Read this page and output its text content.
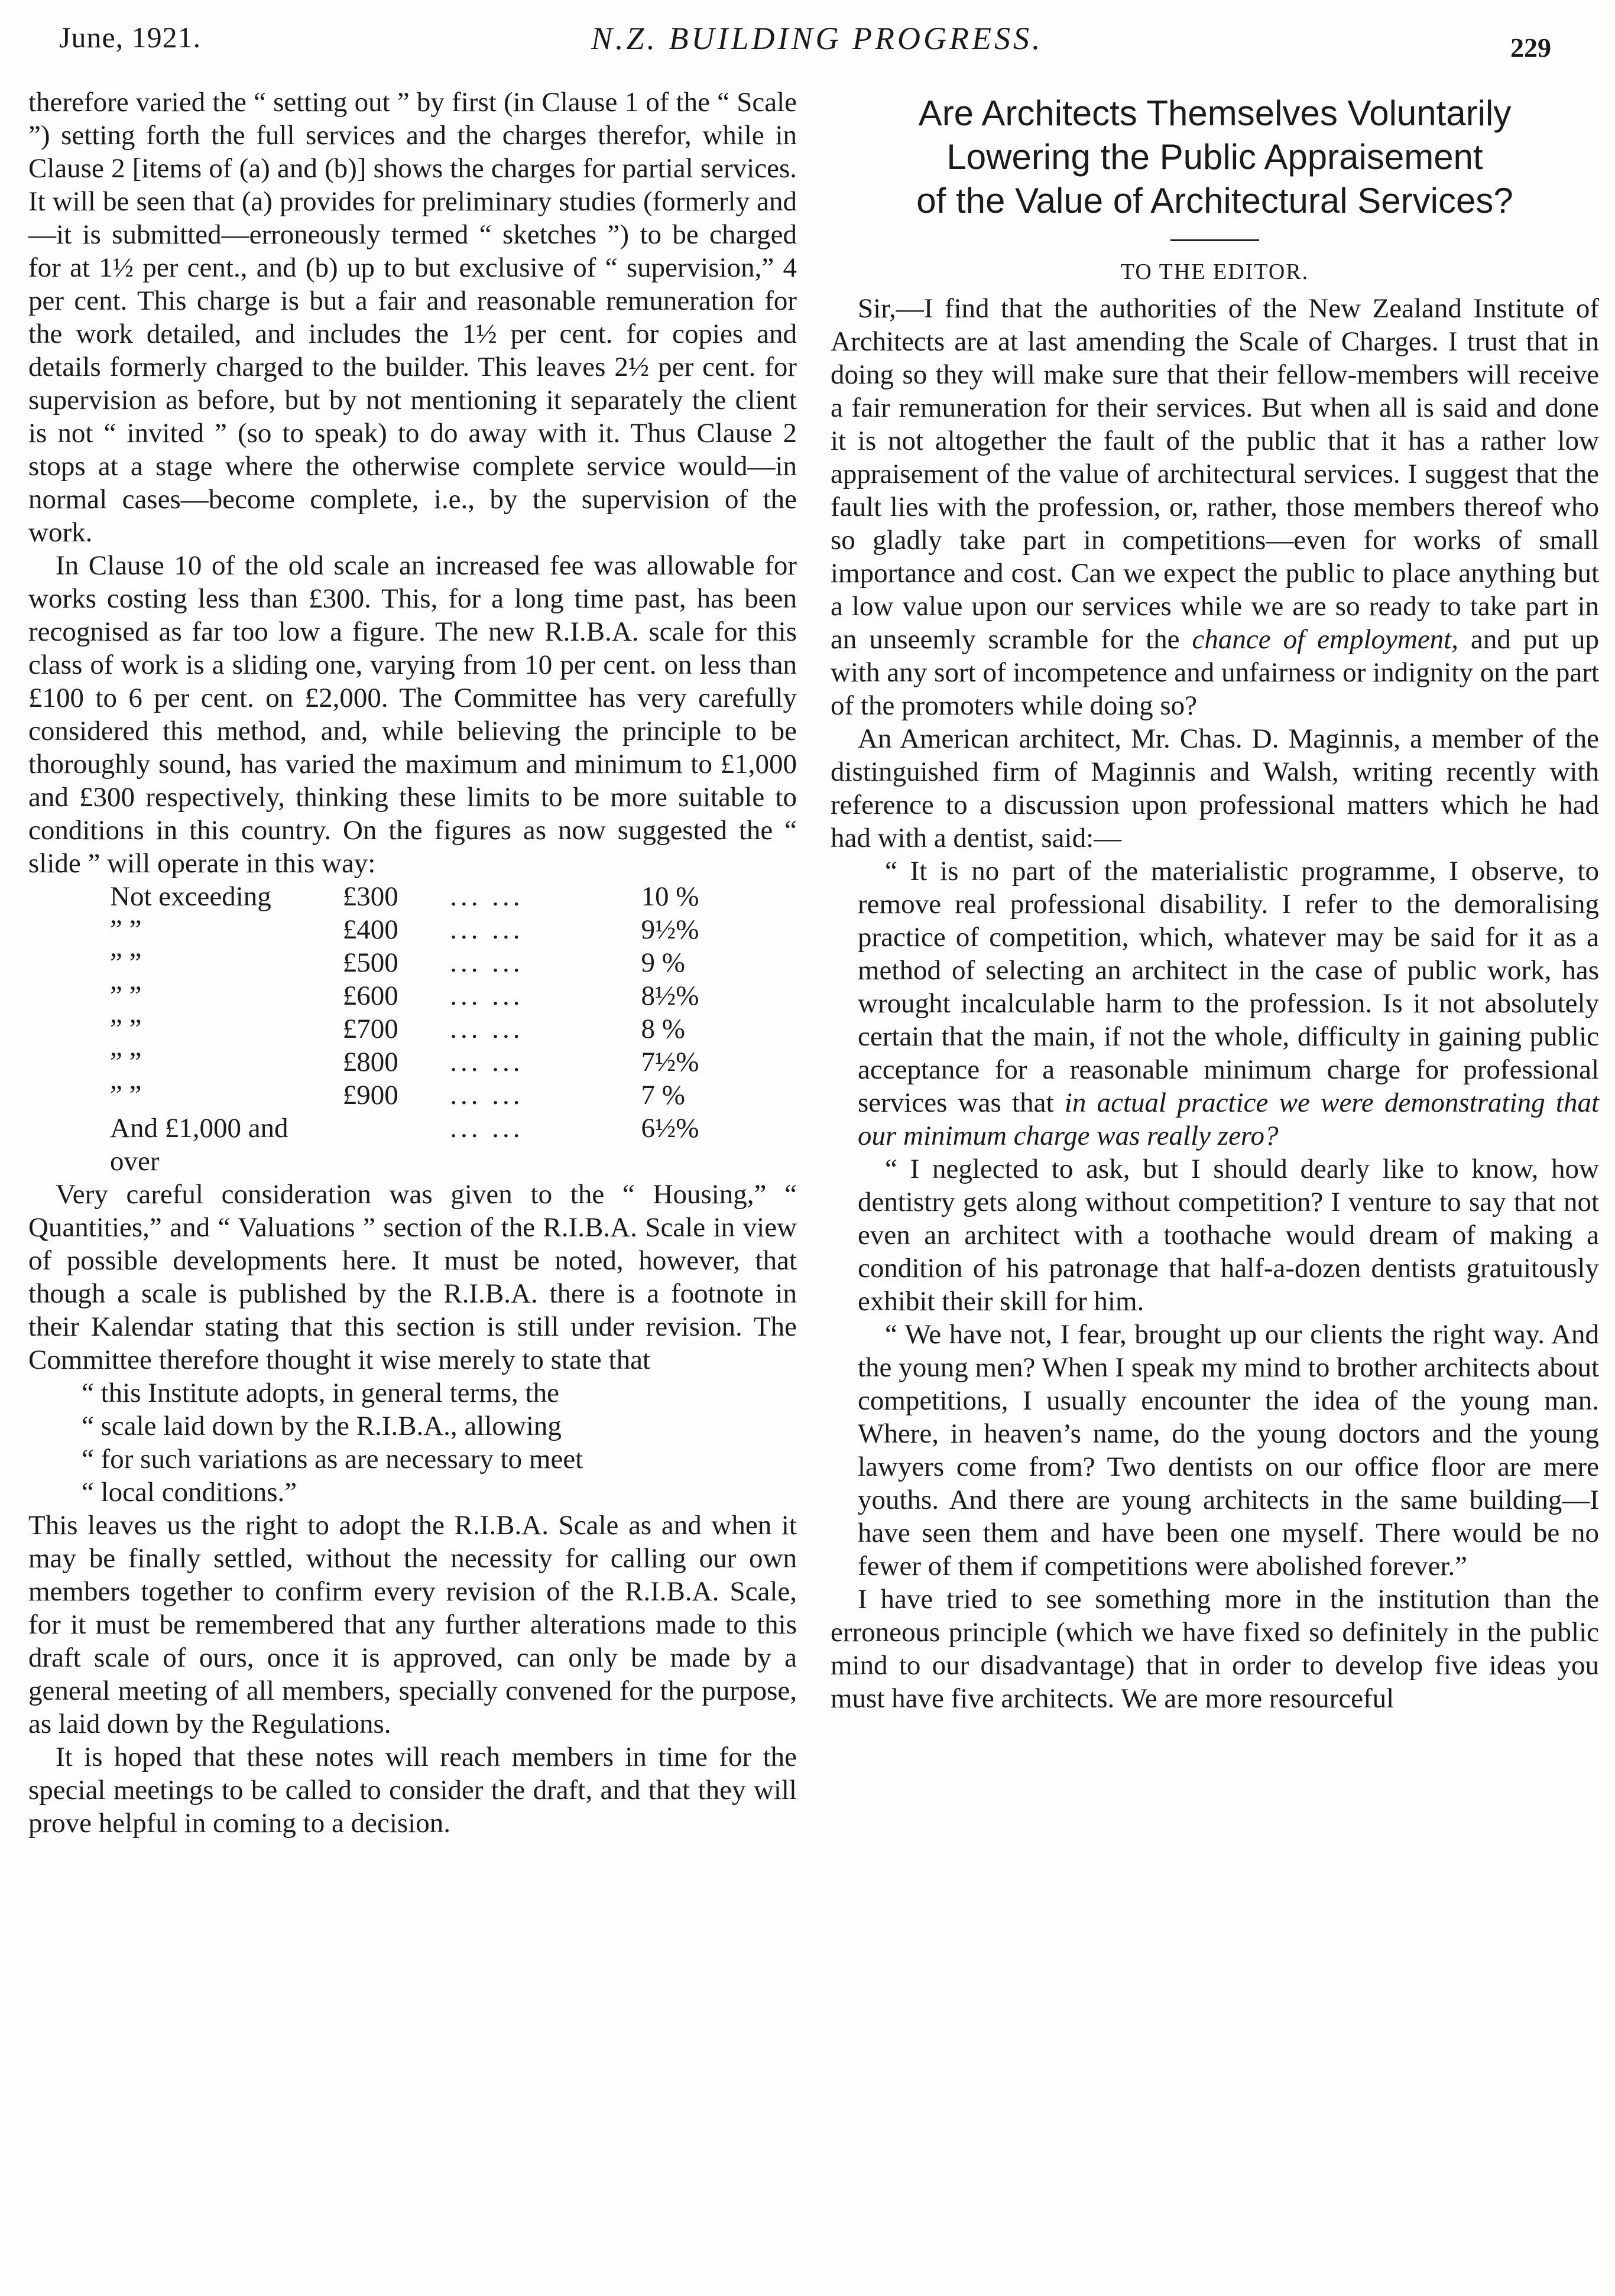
June, 1921.	N.Z. BUILDING PROGRESS.	229

therefore varied the “ setting out ” by first (in Clause 1 of the “ Scale ”) setting forth the full services and the charges therefor, while in Clause 2 [items of (a) and (b)] shows the charges for partial services. It will be seen that (a) provides for preliminary studies (formerly and—it is submitted—erroneously termed “ sketches ”) to be charged for at 1½ per cent., and (b) up to but exclusive of “ supervision,” 4 per cent. This charge is but a fair and reasonable remuneration for the work detailed, and includes the 1½ per cent. for copies and details formerly charged to the builder. This leaves 2½ per cent. for supervision as before, but by not mentioning it separately the client is not “ invited ” (so to speak) to do away with it. Thus Clause 2 stops at a stage where the otherwise complete service would—in normal cases—become complete, i.e., by the supervision of the work.

In Clause 10 of the old scale an increased fee was allowable for works costing less than £300. This, for a long time past, has been recognised as far too low a figure. The new R.I.B.A. scale for this class of work is a sliding one, varying from 10 per cent. on less than £100 to 6 per cent. on £2,000. The Committee has very carefully considered this method, and, while believing the principle to be thoroughly sound, has varied the maximum and minimum to £1,000 and £300 respectively, thinking these limits to be more suitable to conditions in this country. On the figures as now suggested the “ slide ” will operate in this way:

Not exceeding	£300	... ...	10 %
” ”	£400	... ...	9½%
” ”	£500	... ...	9 %
” ”	£600	... ...	8½%
” ”	£700	... ...	8 %
” ”	£800	... ...	7½%
” ”	£900	... ...	7 %
And £1,000 and over		... ...	6½%

Very careful consideration was given to the “ Housing,” “ Quantities,” and “ Valuations ” section of the R.I.B.A. Scale in view of possible developments here. It must be noted, however, that though a scale is published by the R.I.B.A. there is a footnote in their Kalendar stating that this section is still under revision. The Committee therefore thought it wise merely to state that

“ this Institute adopts, in general terms, the
“ scale laid down by the R.I.B.A., allowing
“ for such variations as are necessary to meet
“ local conditions.”

This leaves us the right to adopt the R.I.B.A. Scale as and when it may be finally settled, without the necessity for calling our own members together to confirm every revision of the R.I.B.A. Scale, for it must be remembered that any further alterations made to this draft scale of ours, once it is approved, can only be made by a general meeting of all members, specially convened for the purpose, as laid down by the Regulations.

It is hoped that these notes will reach members in time for the special meetings to be called to consider the draft, and that they will prove helpful in coming to a decision.

Are Architects Themselves Voluntarily
Lowering the Public Appraisement
of the Value of Architectural Services?
TO THE EDITOR.

Sir,—I find that the authorities of the New Zealand Institute of Architects are at last amending the Scale of Charges. I trust that in doing so they will make sure that their fellow-members will receive a fair remuneration for their services. But when all is said and done it is not altogether the fault of the public that it has a rather low appraisement of the value of architectural services. I suggest that the fault lies with the profession, or, rather, those members thereof who so gladly take part in competitions—even for works of small importance and cost. Can we expect the public to place anything but a low value upon our services while we are so ready to take part in an unseemly scramble for the chance of employment, and put up with any sort of incompetence and unfairness or indignity on the part of the promoters while doing so?

An American architect, Mr. Chas. D. Maginnis, a member of the distinguished firm of Maginnis and Walsh, writing recently with reference to a discussion upon professional matters which he had had with a dentist, said:—

“ It is no part of the materialistic programme, I observe, to remove real professional disability. I refer to the demoralising practice of competition, which, whatever may be said for it as a method of selecting an architect in the case of public work, has wrought incalculable harm to the profession. Is it not absolutely certain that the main, if not the whole, difficulty in gaining public acceptance for a reasonable minimum charge for professional services was that in actual practice we were demonstrating that our minimum charge was really zero?

“ I neglected to ask, but I should dearly like to know, how dentistry gets along without competition? I venture to say that not even an architect with a toothache would dream of making a condition of his patronage that half-a-dozen dentists gratuitously exhibit their skill for him.

“ We have not, I fear, brought up our clients the right way. And the young men? When I speak my mind to brother architects about competitions, I usually encounter the idea of the young man. Where, in heaven’s name, do the young doctors and the young lawyers come from? Two dentists on our office floor are mere youths. And there are young architects in the same building—I have seen them and have been one myself. There would be no fewer of them if competitions were abolished forever.”

I have tried to see something more in the institution than the erroneous principle (which we have fixed so definitely in the public mind to our disadvantage) that in order to develop five ideas you must have five architects. We are more resourceful
